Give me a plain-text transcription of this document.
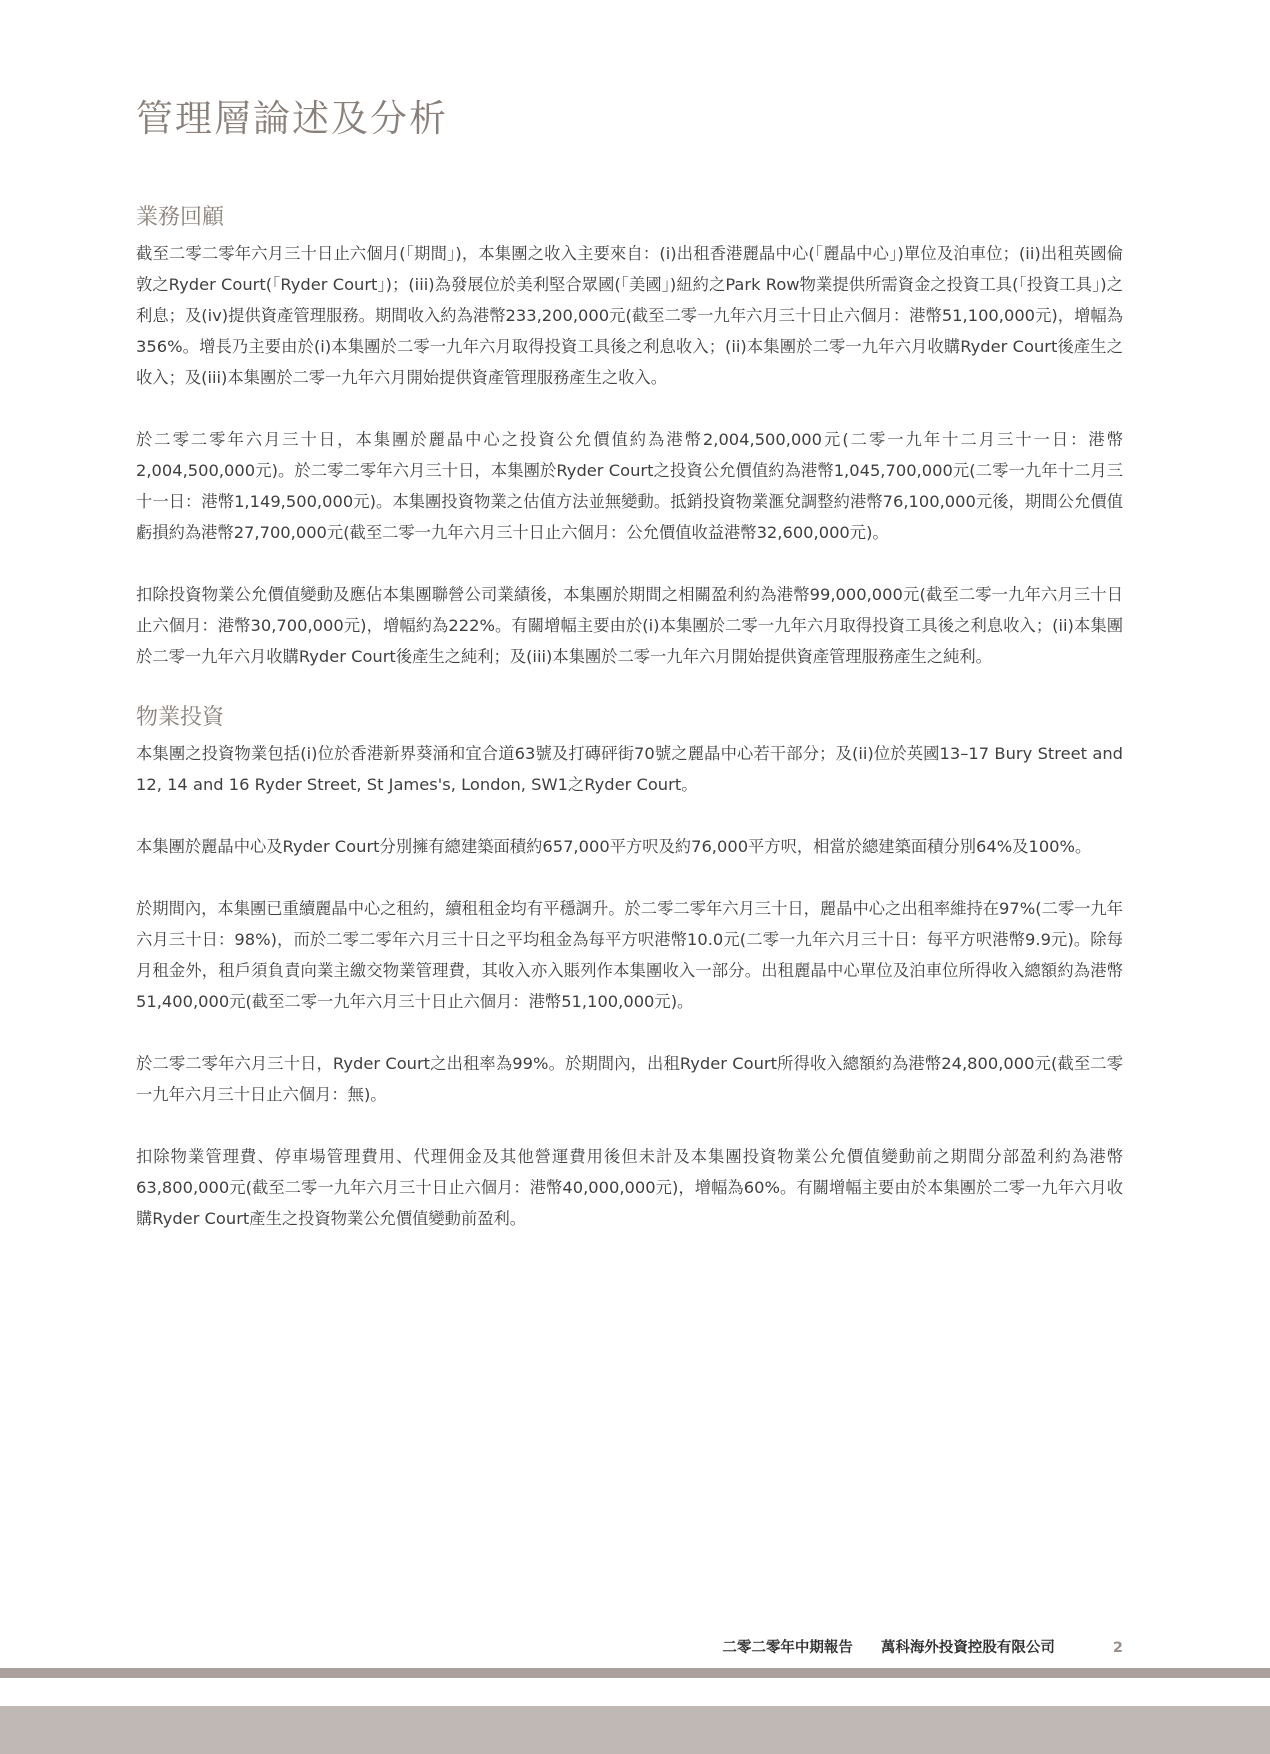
管理層論述及分析
業務回顧

截至二零二零年六月三十日止六個月(「期間」)，本集團之收入主要來自：(i)出租香港麗晶中心(「麗晶中心」)單位及泊車位；(ii)出租英國倫敦之Ryder Court(「Ryder Court」)；(iii)為發展位於美利堅合眾國(「美國」)紐約之Park Row物業提供所需資金之投資工具(「投資工具」)之利息；及(iv)提供資產管理服務。期間收入約為港幣233,200,000元(截至二零一九年六月三十日止六個月：港幣51,100,000元)，增幅為356%。增長乃主要由於(i)本集團於二零一九年六月取得投資工具後之利息收入；(ii)本集團於二零一九年六月收購Ryder Court後產生之收入；及(iii)本集團於二零一九年六月開始提供資產管理服務產生之收入。

於二零二零年六月三十日，本集團於麗晶中心之投資公允價值約為港幣2,004,500,000元(二零一九年十二月三十一日：港幣2,004,500,000元)。於二零二零年六月三十日，本集團於Ryder Court之投資公允價值約為港幣1,045,700,000元(二零一九年十二月三十一日：港幣1,149,500,000元)。本集團投資物業之估值方法並無變動。抵銷投資物業滙兌調整約港幣76,100,000元後，期間公允價值虧損約為港幣27,700,000元(截至二零一九年六月三十日止六個月：公允價值收益港幣32,600,000元)。

扣除投資物業公允價值變動及應佔本集團聯營公司業績後，本集團於期間之相關盈利約為港幣99,000,000元(截至二零一九年六月三十日止六個月：港幣30,700,000元)，增幅約為222%。有關增幅主要由於(i)本集團於二零一九年六月取得投資工具後之利息收入；(ii)本集團於二零一九年六月收購Ryder Court後產生之純利；及(iii)本集團於二零一九年六月開始提供資產管理服務產生之純利。

物業投資

本集團之投資物業包括(i)位於香港新界葵涌和宜合道63號及打磚砰街70號之麗晶中心若干部分；及(ii)位於英國13–17 Bury Street and 12, 14 and 16 Ryder Street, St James's, London, SW1之Ryder Court。

本集團於麗晶中心及Ryder Court分別擁有總建築面積約657,000平方呎及約76,000平方呎，相當於總建築面積分別64%及100%。

於期間內，本集團已重續麗晶中心之租約，續租租金均有平穩調升。於二零二零年六月三十日，麗晶中心之出租率維持在97%(二零一九年六月三十日：98%)，而於二零二零年六月三十日之平均租金為每平方呎港幣10.0元(二零一九年六月三十日：每平方呎港幣9.9元)。除每月租金外，租戶須負責向業主繳交物業管理費，其收入亦入賬列作本集團收入一部分。出租麗晶中心單位及泊車位所得收入總額約為港幣51,400,000元(截至二零一九年六月三十日止六個月：港幣51,100,000元)。

於二零二零年六月三十日，Ryder Court之出租率為99%。於期間內，出租Ryder Court所得收入總額約為港幣24,800,000元(截至二零一九年六月三十日止六個月：無)。

扣除物業管理費、停車場管理費用、代理佣金及其他營運費用後但未計及本集團投資物業公允價值變動前之期間分部盈利約為港幣63,800,000元(截至二零一九年六月三十日止六個月：港幣40,000,000元)，增幅為60%。有關增幅主要由於本集團於二零一九年六月收購Ryder Court產生之投資物業公允價值變動前盈利。

二零二零年中期報告 萬科海外投資控股有限公司	2
